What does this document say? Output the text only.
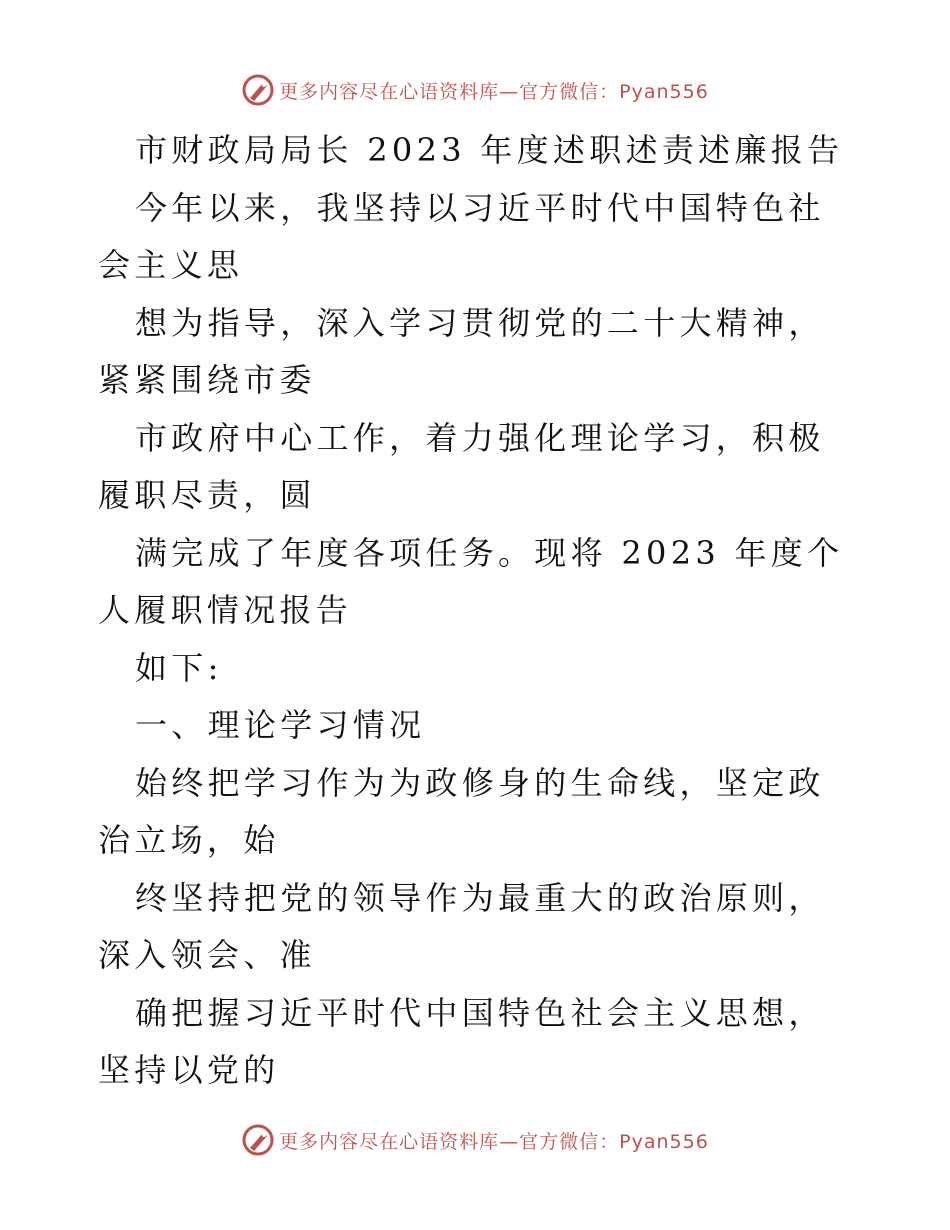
更多内容尽在心语资料库—官方微信：Pyan556

市财政局局长 2023 年度述职述责述廉报告

今年以来，我坚持以习近平时代中国特色社会主义思

想为指导，深入学习贯彻党的二十大精神，紧紧围绕市委

市政府中心工作，着力强化理论学习，积极履职尽责，圆

满完成了年度各项任务。现将 2023 年度个人履职情况报告

如下:

一、理论学习情况

始终把学习作为为政修身的生命线，坚定政治立场，始

终坚持把党的领导作为最重大的政治原则，深入领会、准

确把握习近平时代中国特色社会主义思想，坚持以党的

更多内容尽在心语资料库—官方微信：Pyan556
